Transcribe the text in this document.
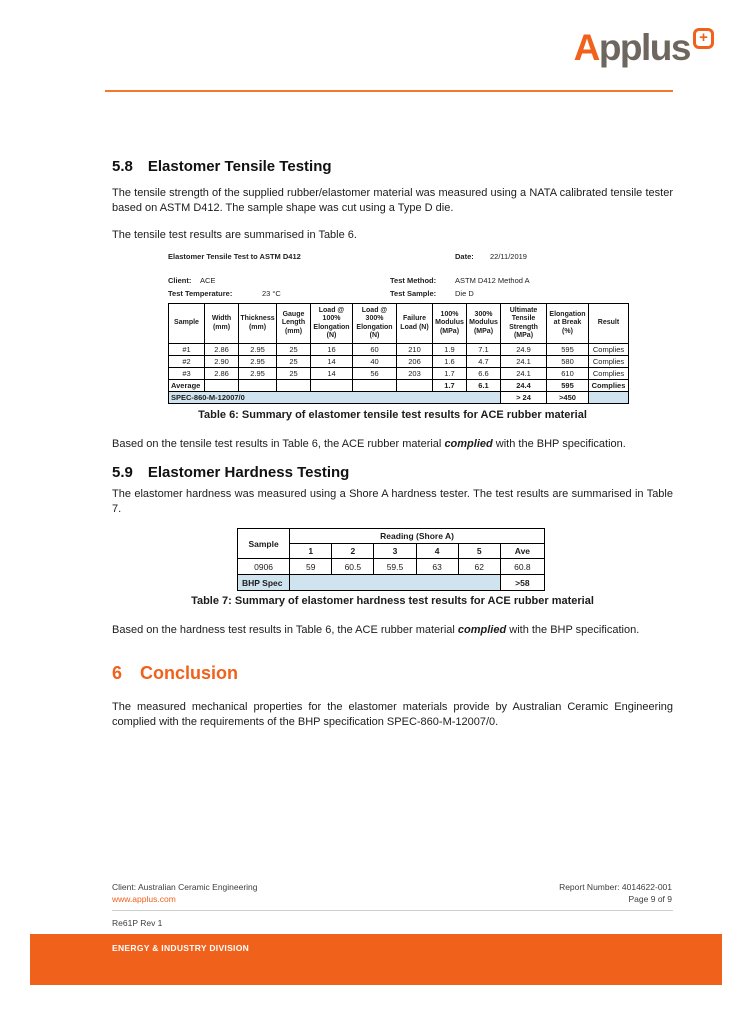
Applus +
5.8 Elastomer Tensile Testing
The tensile strength of the supplied rubber/elastomer material was measured using a NATA calibrated tensile tester based on ASTM D412. The sample shape was cut using a Type D die.
The tensile test results are summarised in Table 6.
Elastomer Tensile Test to ASTM D412	Date: 22/11/2019
Client: ACE	Test Method:	ASTM D412 Method A
Test Temperature:	23 °C	Test Sample:	Die D
Sample	Width (mm)	Thickness (mm)	Gauge Length (mm)	Load @ 100% Elongation (N)	Load @ 300% Elongation (N)	Failure Load (N)	100% Modulus (MPa)	300% Modulus (MPa)	Ultimate Tensile Strength (MPa)	Elongation at Break (%)	Result
#1	2.86	2.95	25	16	60	210	1.9	7.1	24.9	595	Complies
#2	2.90	2.95	25	14	40	206	1.6	4.7	24.1	580	Complies
#3	2.86	2.95	25	14	56	203	1.7	6.6	24.1	610	Complies
Average							1.7	6.1	24.4	595	Complies
SPEC-860-M-12007/0									> 24	>450	
Table 6: Summary of elastomer tensile test results for ACE rubber material
Based on the tensile test results in Table 6, the ACE rubber material complied with the BHP specification.
5.9 Elastomer Hardness Testing
The elastomer hardness was measured using a Shore A hardness tester. The test results are summarised in Table 7.
Sample	Reading (Shore A)					
	1	2	3	4	5	Ave
0906	59	60.5	59.5	63	62	60.8
BHP Spec						>58
Table 7: Summary of elastomer hardness test results for ACE rubber material
Based on the hardness test results in Table 6, the ACE rubber material complied with the BHP specification.
6 Conclusion
The measured mechanical properties for the elastomer materials provide by Australian Ceramic Engineering complied with the requirements of the BHP specification SPEC-860-M-12007/0.
Client: Australian Ceramic Engineering
www.applus.com
Report Number: 4014622-001
Page 9 of 9
Re61P Rev 1
ENERGY & INDUSTRY DIVISION
